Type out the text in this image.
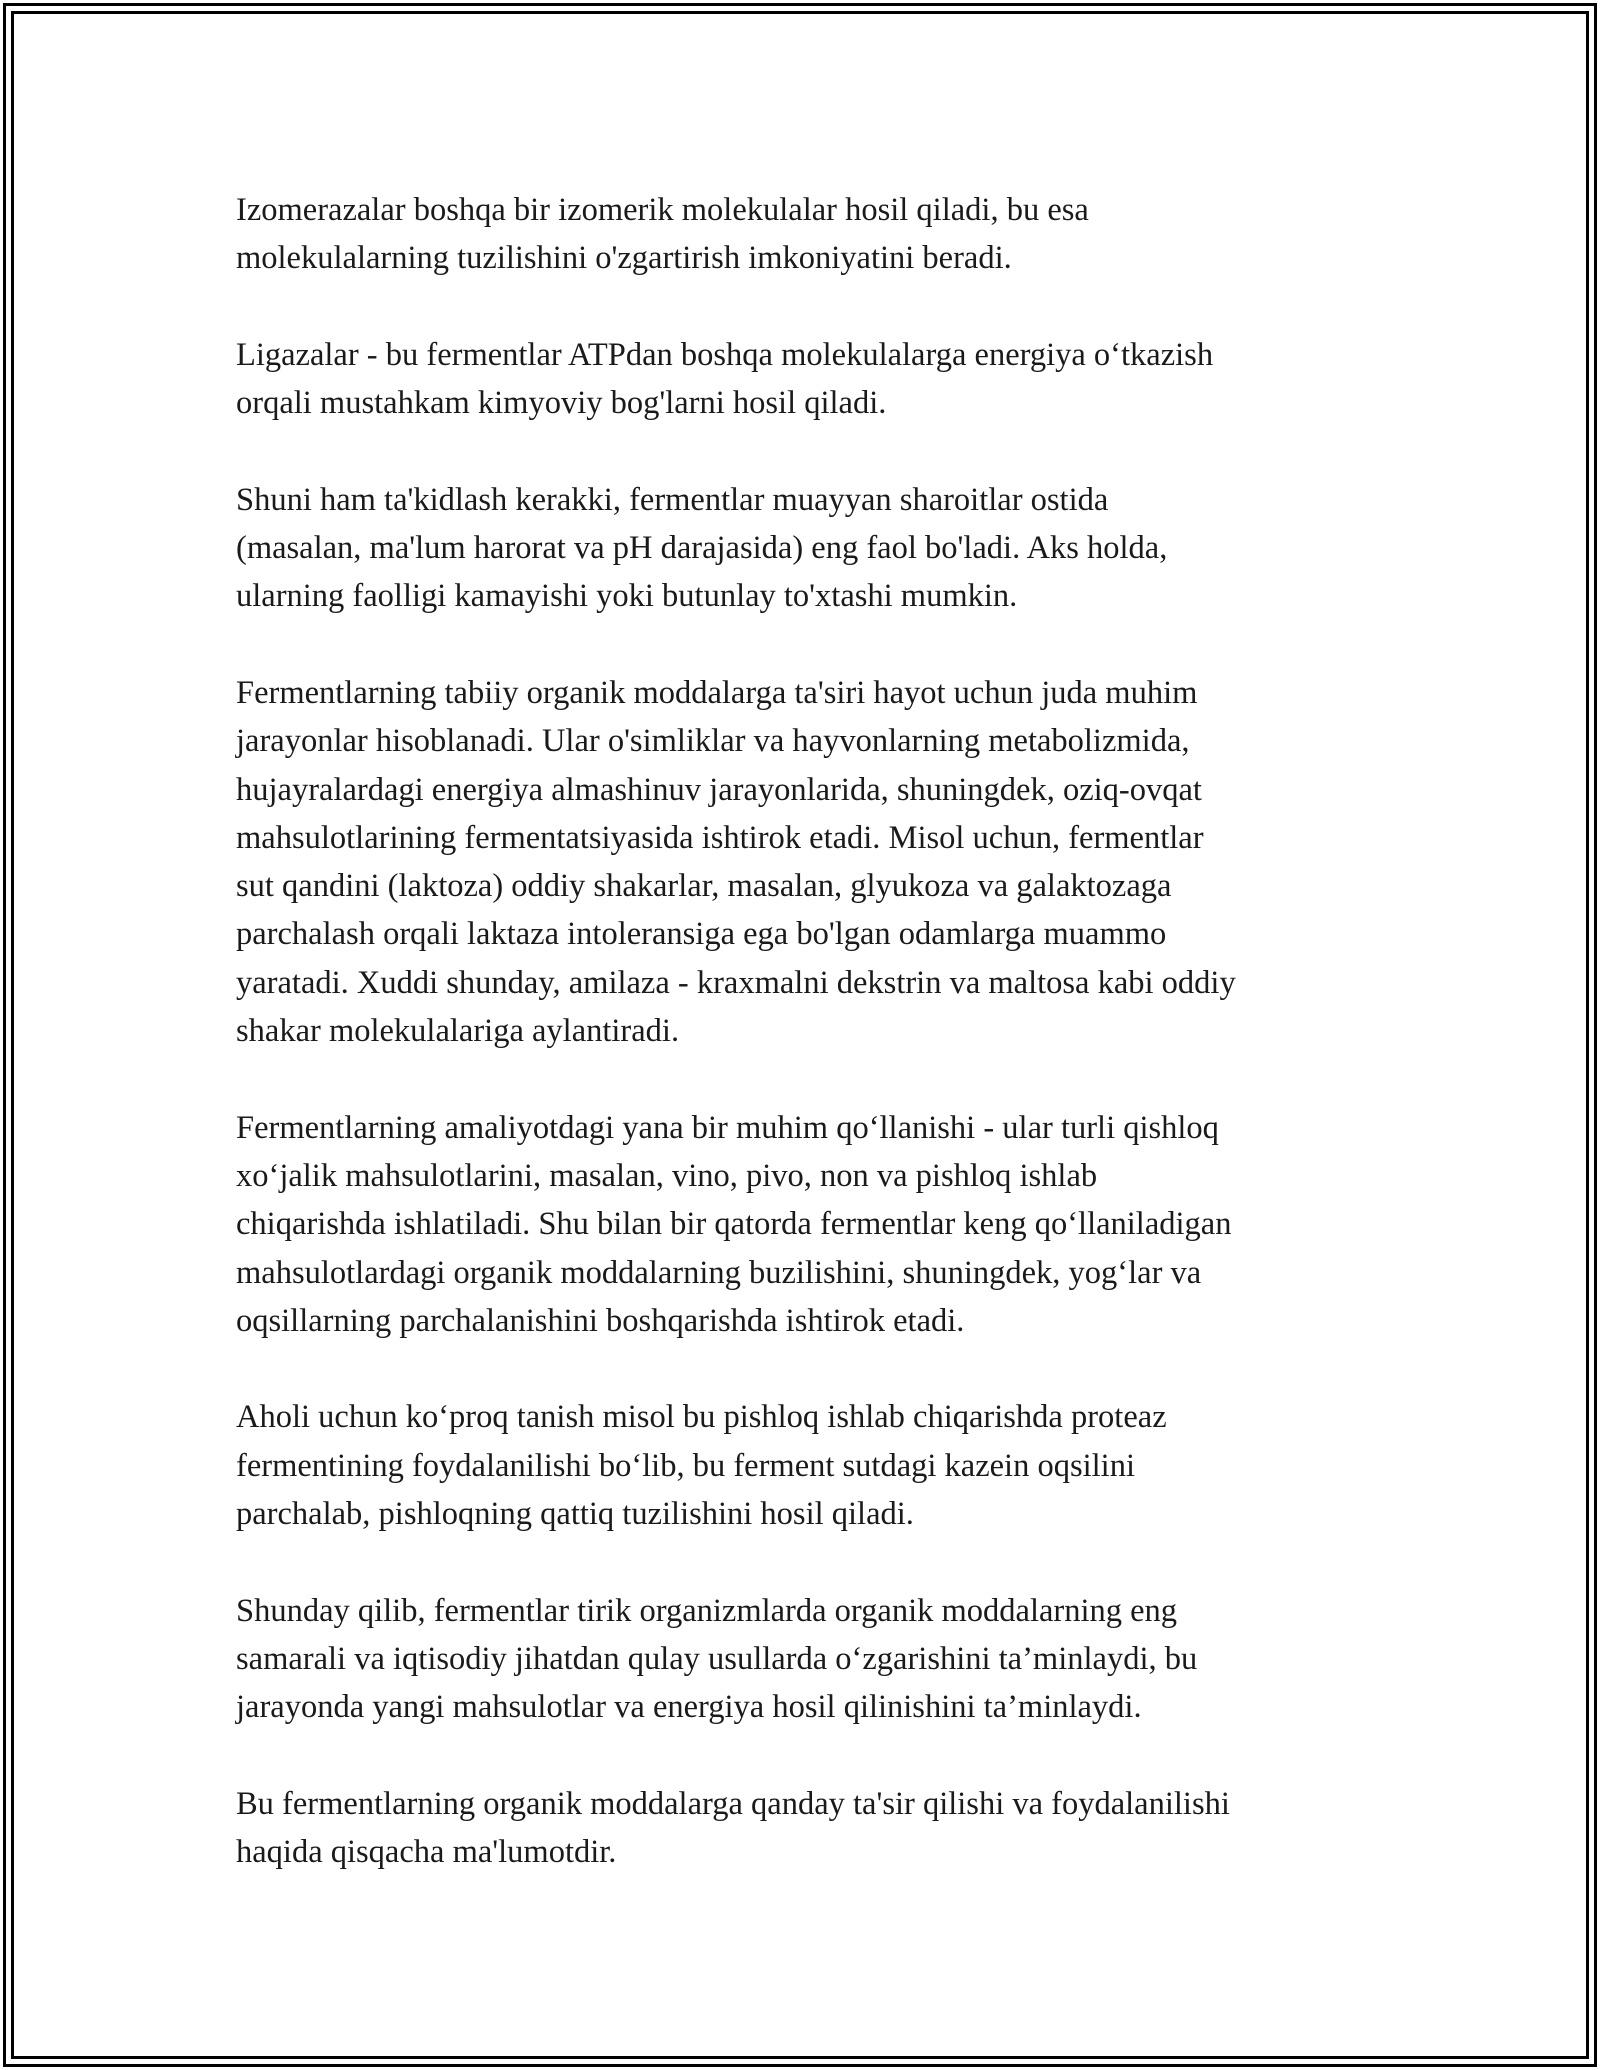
Izomerazalar boshqa bir izomerik molekulalar hosil qiladi, bu esa
molekulalarning tuzilishini o'zgartirish imkoniyatini beradi.

Ligazalar - bu fermentlar ATPdan boshqa molekulalarga energiya o‘tkazish
orqali mustahkam kimyoviy bog'larni hosil qiladi.

Shuni ham ta'kidlash kerakki, fermentlar muayyan sharoitlar ostida
(masalan, ma'lum harorat va pH darajasida) eng faol bo'ladi. Aks holda,
ularning faolligi kamayishi yoki butunlay to'xtashi mumkin.

Fermentlarning tabiiy organik moddalarga ta'siri hayot uchun juda muhim
jarayonlar hisoblanadi. Ular o'simliklar va hayvonlarning metabolizmida,
hujayralardagi energiya almashinuv jarayonlarida, shuningdek, oziq-ovqat
mahsulotlarining fermentatsiyasida ishtirok etadi. Misol uchun, fermentlar
sut qandini (laktoza) oddiy shakarlar, masalan, glyukoza va galaktozaga
parchalash orqali laktaza intoleransiga ega bo'lgan odamlarga muammo
yaratadi. Xuddi shunday, amilaza - kraxmalni dekstrin va maltosa kabi oddiy
shakar molekulalariga aylantiradi.

Fermentlarning amaliyotdagi yana bir muhim qo‘llanishi - ular turli qishloq
xo‘jalik mahsulotlarini, masalan, vino, pivo, non va pishloq ishlab
chiqarishda ishlatiladi. Shu bilan bir qatorda fermentlar keng qo‘llaniladigan
mahsulotlardagi organik moddalarning buzilishini, shuningdek, yog‘lar va
oqsillarning parchalanishini boshqarishda ishtirok etadi.

Aholi uchun ko‘proq tanish misol bu pishloq ishlab chiqarishda proteaz
fermentining foydalanilishi bo‘lib, bu ferment sutdagi kazein oqsilini
parchalab, pishloqning qattiq tuzilishini hosil qiladi.

Shunday qilib, fermentlar tirik organizmlarda organik moddalarning eng
samarali va iqtisodiy jihatdan qulay usullarda o‘zgarishini ta’minlaydi, bu
jarayonda yangi mahsulotlar va energiya hosil qilinishini ta’minlaydi.

Bu fermentlarning organik moddalarga qanday ta'sir qilishi va foydalanilishi
haqida qisqacha ma'lumotdir.
